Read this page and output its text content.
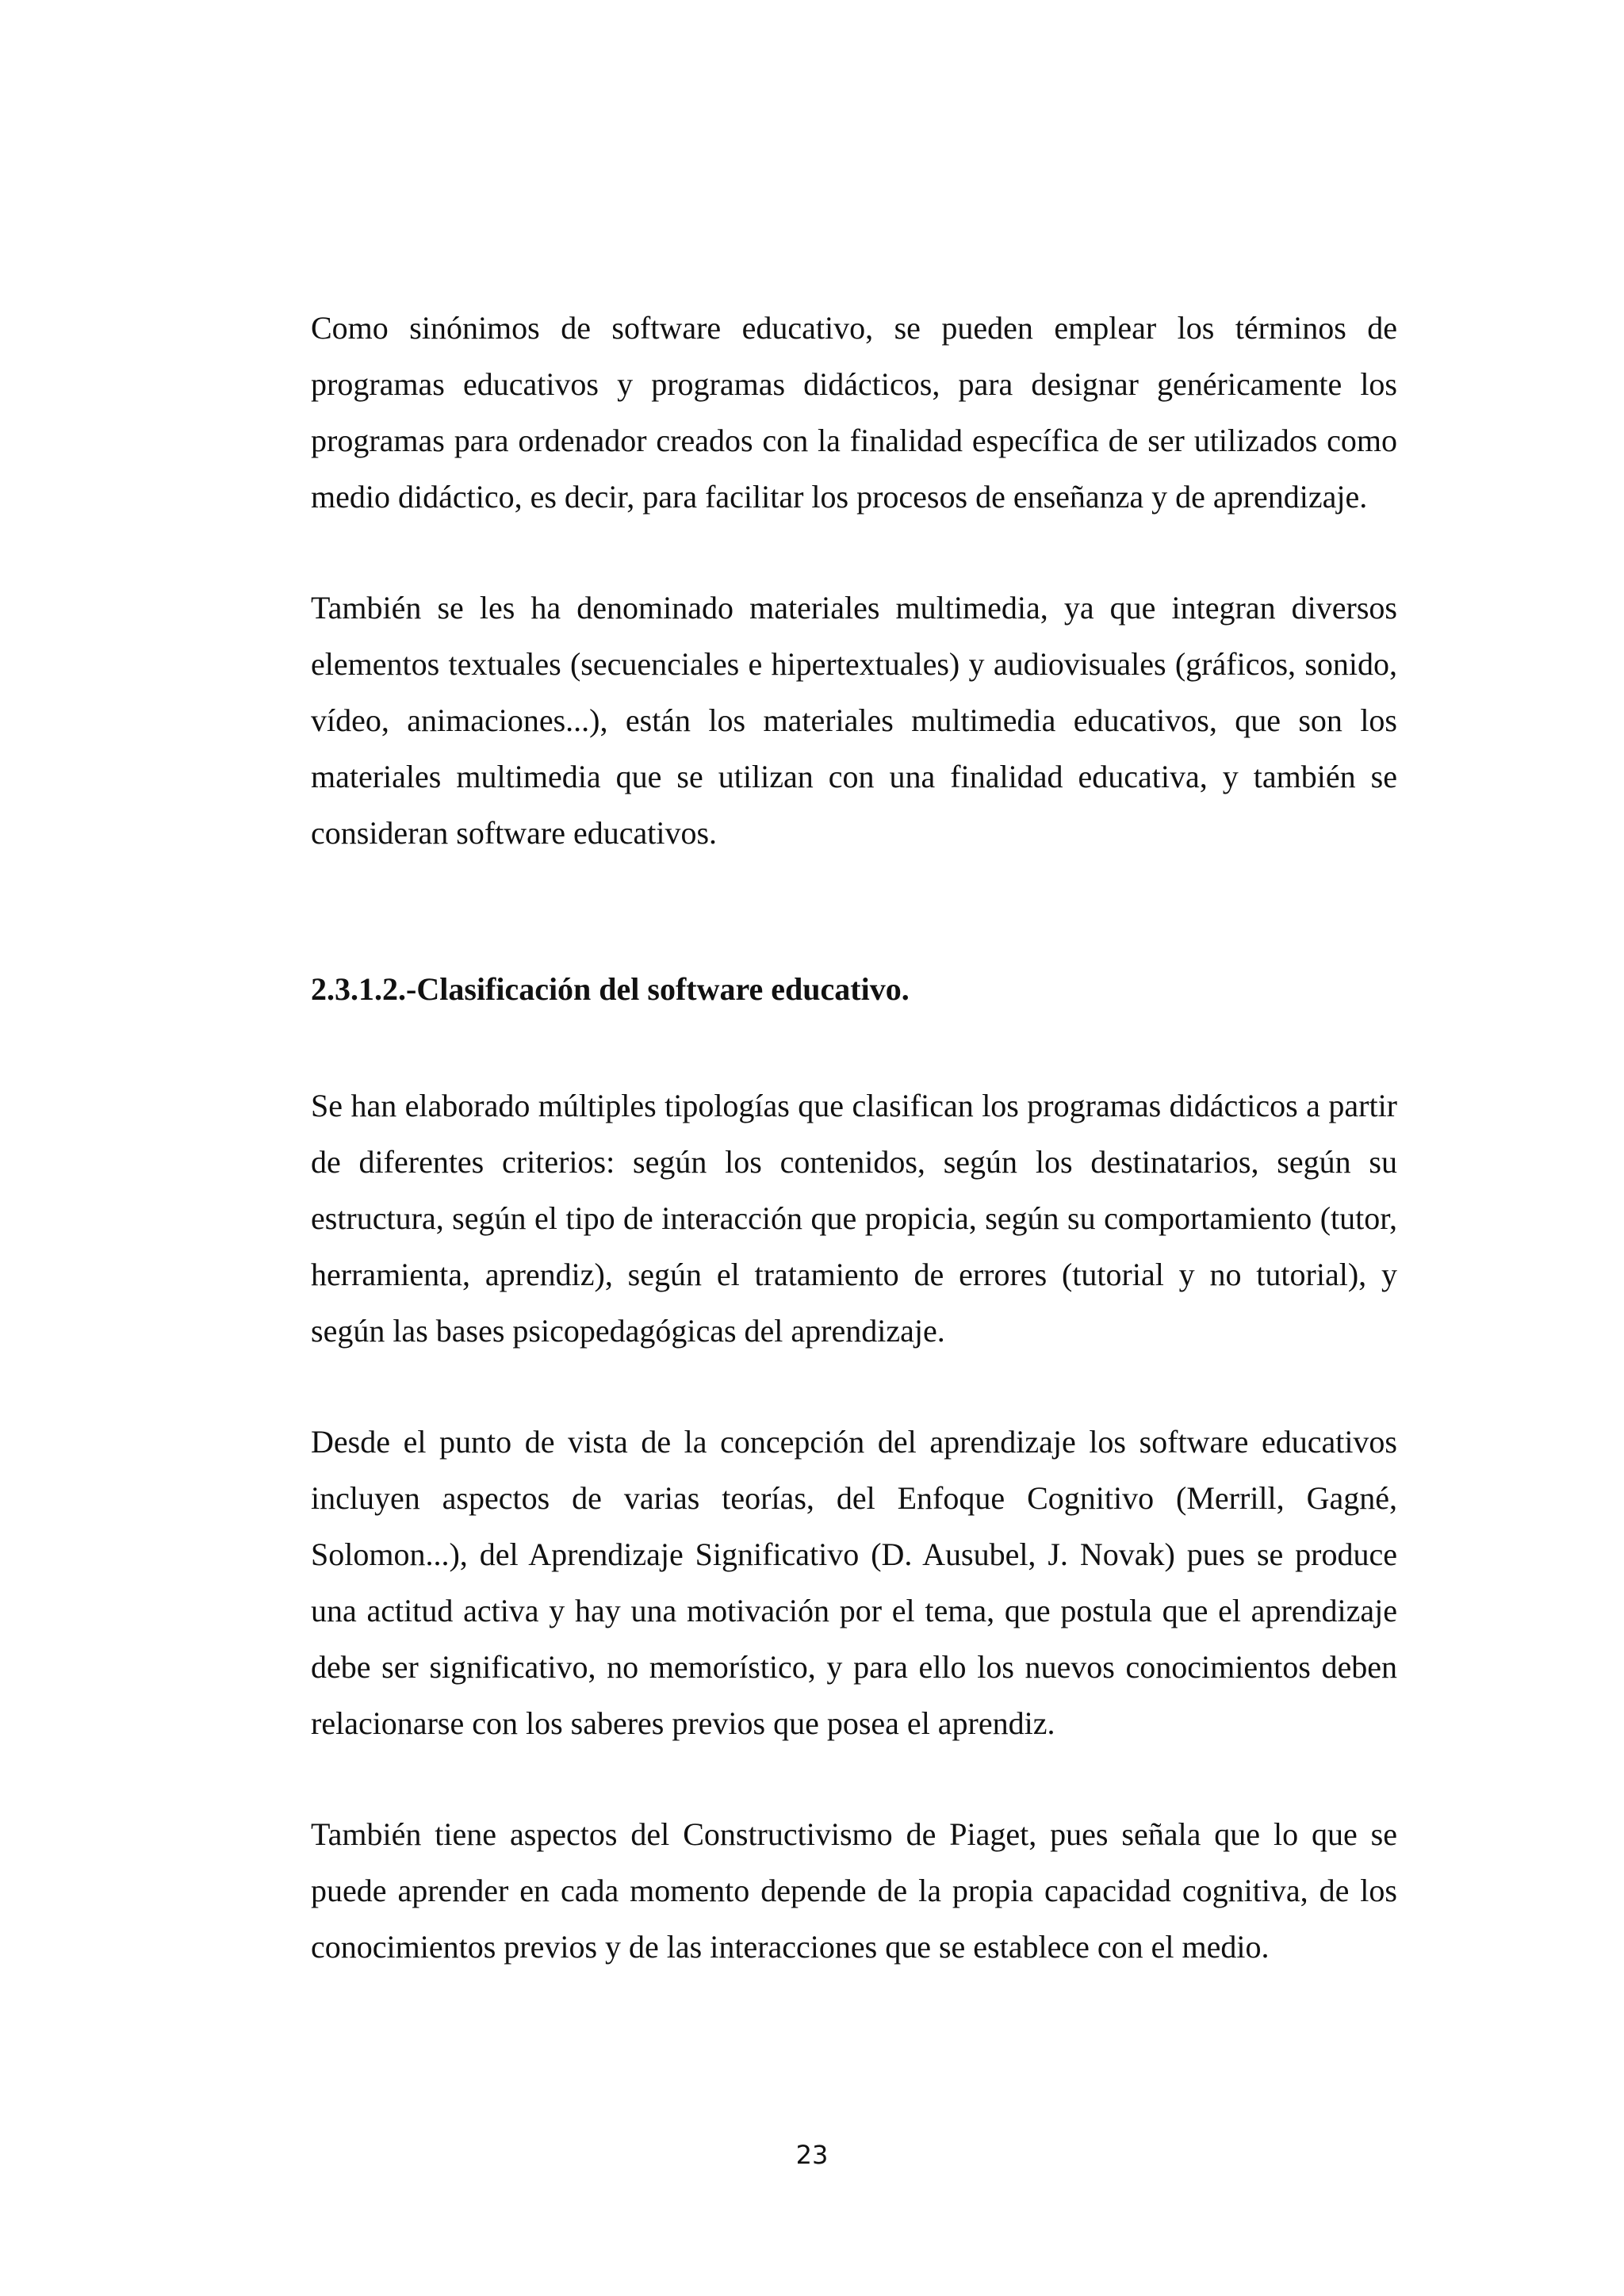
Como sinónimos de software educativo, se pueden emplear los términos de programas educativos y programas didácticos, para designar genéricamente los programas para ordenador creados con la finalidad específica de ser utilizados como medio didáctico, es decir, para facilitar los procesos de enseñanza y de aprendizaje.

También se les ha denominado materiales multimedia, ya que integran diversos elementos textuales (secuenciales e hipertextuales) y audiovisuales (gráficos, sonido, vídeo, animaciones...), están los materiales multimedia educativos, que son los materiales multimedia que se utilizan con una finalidad educativa, y también se consideran software educativos.

2.3.1.2.-Clasificación del software educativo.

Se han elaborado múltiples tipologías que clasifican los programas didácticos a partir de diferentes criterios: según los contenidos, según los destinatarios, según su estructura, según el tipo de interacción que propicia, según su comportamiento (tutor, herramienta, aprendiz), según el tratamiento de errores (tutorial y no tutorial), y según las bases psicopedagógicas del aprendizaje.

Desde el punto de vista de la concepción del aprendizaje los software educativos incluyen aspectos de varias teorías, del Enfoque Cognitivo (Merrill, Gagné, Solomon...), del Aprendizaje Significativo (D. Ausubel, J. Novak) pues se produce una actitud activa y hay una motivación por el tema, que postula que el aprendizaje debe ser significativo, no memorístico, y para ello los nuevos conocimientos deben relacionarse con los saberes previos que posea el aprendiz.

También tiene aspectos del Constructivismo de Piaget, pues señala que lo que se puede aprender en cada momento depende de la propia capacidad cognitiva, de los conocimientos previos y de las interacciones que se establece con el medio.

23
